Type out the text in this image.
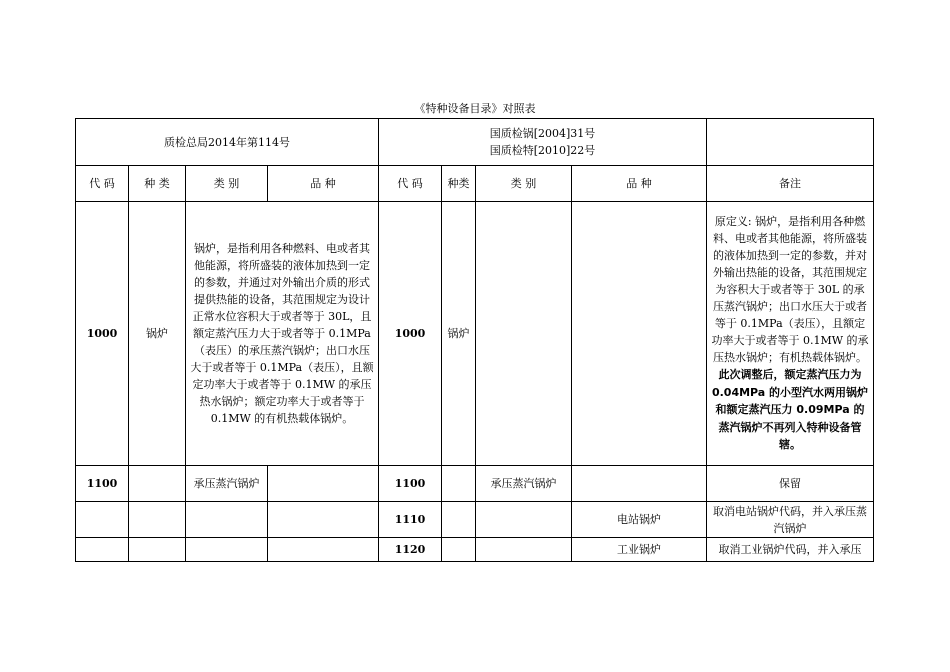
《特种设备目录》对照表
质检总局2014年第114号				国质检锅[2004]31号
国质检特[2010]22号				

代 码	种 类	类 别	品 种	代 码	种类	类 别	品 种	备注
1000	锅炉	锅炉，是指利用各种燃料、电或者其他能源，将所盛装的液体加热到一定的参数，并通过对外输出介质的形式提供热能的设备，其范围规定为设计正常水位容积大于或者等于 30L，且额定蒸汽压力大于或者等于 0.1MPa（表压）的承压蒸汽锅炉；出口水压大于或者等于 0.1MPa（表压），且额定功率大于或者等于 0.1MW 的承压热水锅炉；额定功率大于或者等于 0.1MW 的有机热载体锅炉。		1000	锅炉			原定义: 锅炉，是指利用各种燃料、电或者其他能源，将所盛装的液体加热到一定的参数，并对外输出热能的设备，其范围规定为容积大于或者等于 30L 的承压蒸汽锅炉；出口水压大于或者等于 0.1MPa（表压），且额定功率大于或者等于 0.1MW 的承压热水锅炉；有机热载体锅炉。 此次调整后，额定蒸汽压力为0.04MPa 的小型汽水两用锅炉和额定蒸汽压力 0.09MPa 的蒸汽锅炉不再列入特种设备管辖。
1100		承压蒸汽锅炉		1100		承压蒸汽锅炉		保留
				1110			电站锅炉	取消电站锅炉代码，并入承压蒸汽锅炉
				1120			工业锅炉	取消工业锅炉代码，并入承压
